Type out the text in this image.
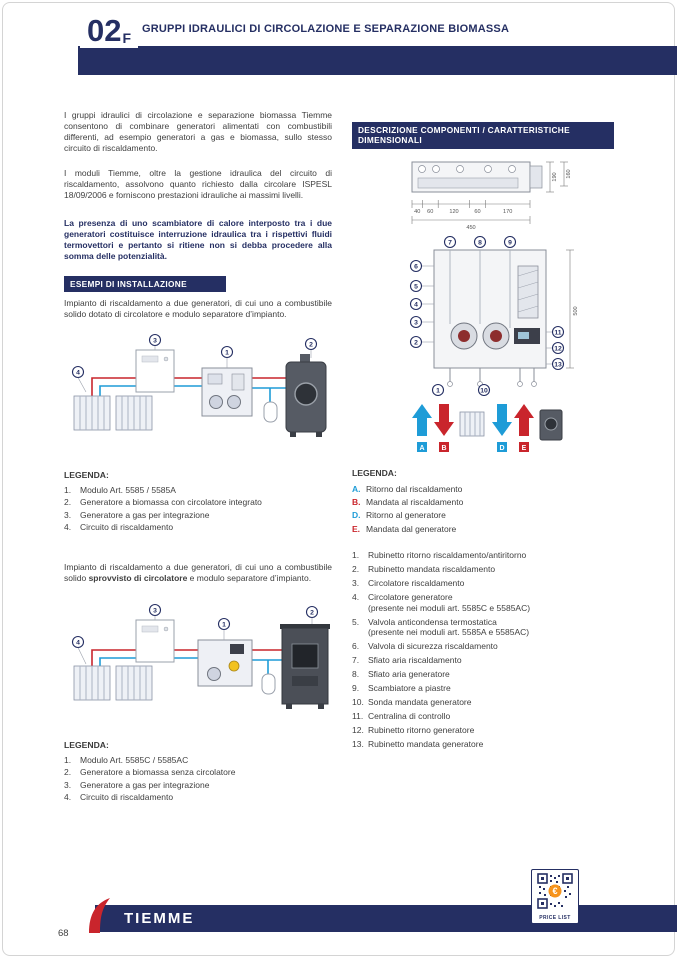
02 F
GRUPPI IDRAULICI DI CIRCOLAZIONE E SEPARAZIONE BIOMASSA

I gruppi idraulici di circolazione e separazione biomassa Tiemme consentono di combinare generatori alimentati con combustibili differenti, ad esempio generatori a gas e biomassa, sullo stesso circuito di riscaldamento.

I moduli Tiemme, oltre la gestione idraulica del circuito di riscaldamento, assolvono quanto richiesto dalla circolare ISPESL 18/09/2006 e forniscono prestazioni idrauliche ai massimi livelli.

La presenza di uno scambiatore di calore interposto tra i due generatori costituisce interruzione idraulica tra i rispettivi fluidi termovettori e pertanto si ritiene non si debba procedere alla somma delle potenzialità.

ESEMPI DI INSTALLAZIONE

Impianto di riscaldamento a due generatori, di cui uno a combustibile solido dotato di circolatore e modulo separatore d’impianto.

4
3
1
2
LEGENDA:
1.	Modulo Art. 5585 / 5585A
2.	Generatore a biomassa con circolatore integrato
3.	Generatore a gas per integrazione
4.	Circuito di riscaldamento

Impianto di riscaldamento a due generatori, di cui uno a combustibile solido sprovvisto di circolatore e modulo separatore d’impianto.

4
3
1
2
LEGENDA:
1.	Modulo Art. 5585C / 5585AC
2.	Generatore a biomassa senza circolatore
3.	Generatore a gas per integrazione
4.	Circuito di riscaldamento
DESCRIZIONE COMPONENTI / CARATTERISTICHE DIMENSIONALI
40 60	120	60	170
450
190 160
500
7	8	9
6
5
4
3
2
1	10
11
12
13
A B	D E
LEGENDA:
A. Ritorno dal riscaldamento
B. Mandata al riscaldamento
D. Ritorno al generatore
E. Mandata dal generatore
1.	Rubinetto ritorno riscaldamento/antiritorno
2.	Rubinetto mandata riscaldamento
3.	Circolatore riscaldamento
4.	Circolatore generatore
(presente nei moduli art. 5585C e 5585AC)
5.	Valvola anticondensa termostatica
(presente nei moduli art. 5585A e 5585AC)
6.	Valvola di sicurezza riscaldamento
7.	Sfiato aria riscaldamento
8.	Sfiato aria generatore
9.	Scambiatore a piastre
10. Sonda mandata generatore
11. Centralina di controllo
12. Rubinetto ritorno generatore
13. Rubinetto mandata generatore
TIEMME
68
€
PRICE LIST
